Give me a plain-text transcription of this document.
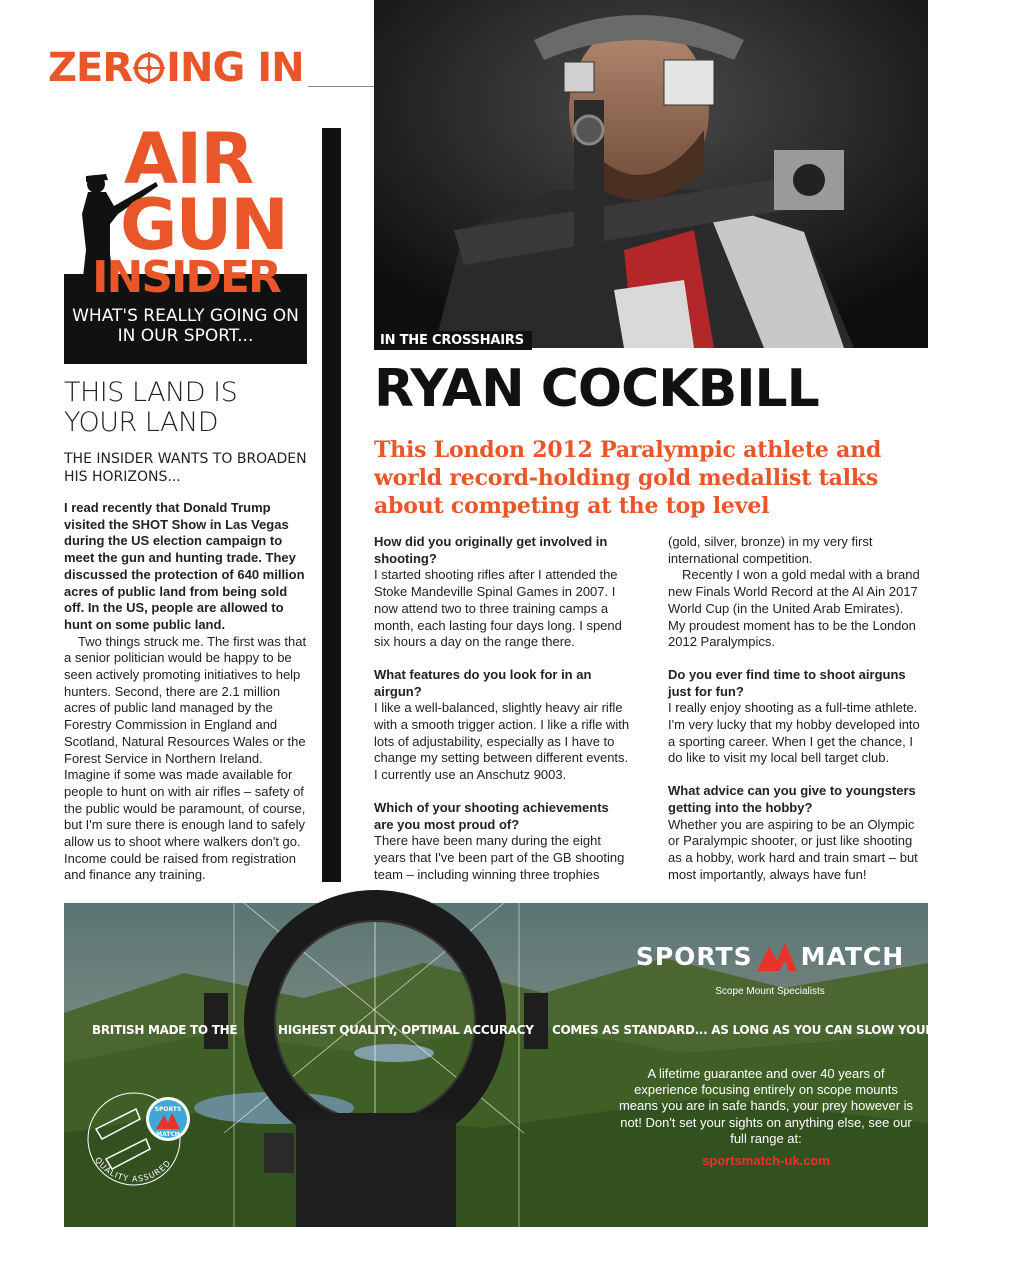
ZER ING IN
AIR
GUN
INSIDER
WHAT'S REALLY GOING ON IN OUR SPORT...
THIS LAND IS
YOUR LAND
THE INSIDER WANTS TO BROADEN HIS HORIZONS...

I read recently that Donald Trump visited the SHOT Show in Las Vegas during the US election campaign to meet the gun and hunting trade. They discussed the protection of 640 million acres of public land from being sold off. In the US, people are allowed to hunt on some public land.

Two things struck me. The first was that a senior politician would be happy to be seen actively promoting initiatives to help hunters. Second, there are 2.1 million acres of public land managed by the Forestry Commission in England and Scotland, Natural Resources Wales or the Forest Service in Northern Ireland. Imagine if some was made available for people to hunt on with air rifles – safety of the public would be paramount, of course, but I'm sure there is enough land to safely allow us to shoot where walkers don't go. Income could be raised from registration and finance any training.

IN THE CROSSHAIRS
RYAN COCKBILL
This London 2012 Paralympic athlete and world record-holding gold medallist talks about competing at the top level

How did you originally get involved in shooting?

I started shooting rifles after I attended the Stoke Mandeville Spinal Games in 2007. I now attend two to three training camps a month, each lasting four days long. I spend six hours a day on the range there.

What features do you look for in an airgun?

I like a well-balanced, slightly heavy air rifle with a smooth trigger action. I like a rifle with lots of adjustability, especially as I have to change my setting between different events. I currently use an Anschutz 9003.

Which of your shooting achievements are you most proud of?

There have been many during the eight years that I've been part of the GB shooting team – including winning three trophies

(gold, silver, bronze) in my very first international competition.

Recently I won a gold medal with a brand new Finals World Record at the Al Ain 2017 World Cup (in the United Arab Emirates). My proudest moment has to be the London 2012 Paralympics.

Do you ever find time to shoot airguns just for fun?

I really enjoy shooting as a full-time athlete. I'm very lucky that my hobby developed into a sporting career. When I get the chance, I do like to visit my local bell target club.

What advice can you give to youngsters getting into the hobby?

Whether you are aspiring to be an Olympic or Paralympic shooter, or just like shooting as a hobby, work hard and train smart – but most importantly, always have fun!

SPORTS MATCH
Scope Mount Specialists
BRITISH MADE TO THE	HIGHEST QUALITY, OPTIMAL ACCURACY COMES AS STANDARD... AS LONG AS YOU CAN SLOW YOUR BREATHING!
A lifetime guarantee and over 40 years of experience focusing entirely on scope mounts means you are in safe hands, your prey however is not! Don't set your sights on anything else, see our full range at:
sportsmatch-uk.com
QUALITY ASSURED
SPORTS
MATCH
